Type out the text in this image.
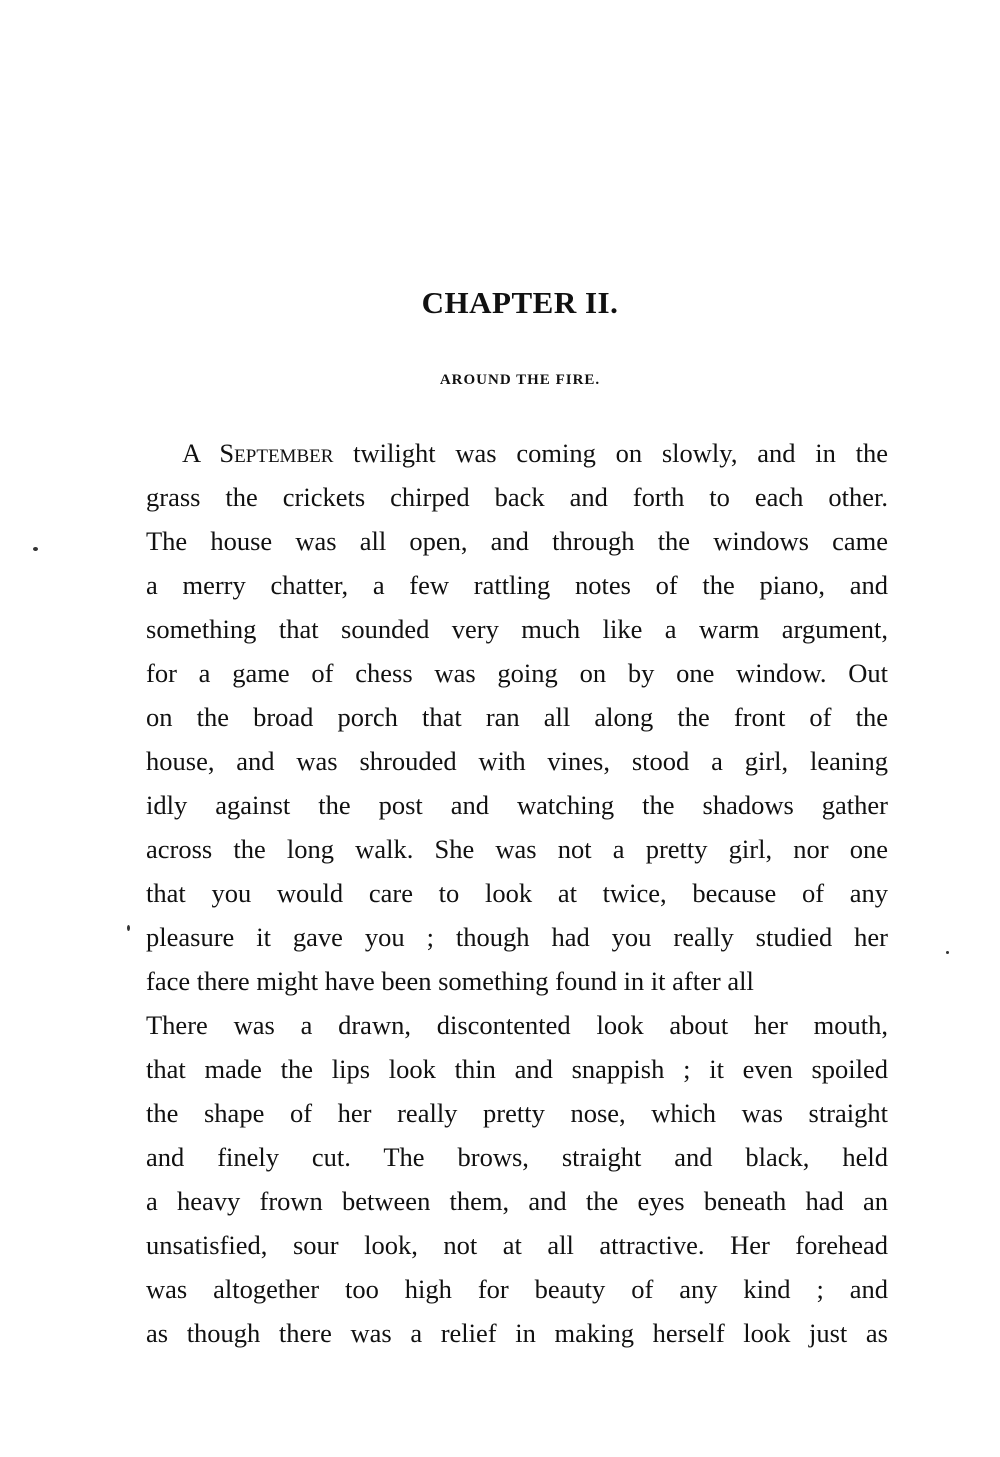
CHAPTER II.
AROUND THE FIRE.
A September twilight was coming on slowly, and in the
grass the crickets chirped back and forth to each other.
The house was all open, and through the windows came
a merry chatter, a few rattling notes of the piano, and
something that sounded very much like a warm argument,
for a game of chess was going on by one window. Out
on the broad porch that ran all along the front of the
house, and was shrouded with vines, stood a girl, leaning
idly against the post and watching the shadows gather
across the long walk. She was not a pretty girl, nor one
that you would care to look at twice, because of any
pleasure it gave you ; though had you really studied her
face there might have been something found in it after all
There was a drawn, discontented look about her mouth,
that made the lips look thin and snappish ; it even spoiled
the shape of her really pretty nose, which was straight
and finely cut. The brows, straight and black, held
a heavy frown between them, and the eyes beneath had an
unsatisfied, sour look, not at all attractive. Her forehead
was altogether too high for beauty of any kind ; and
as though there was a relief in making herself look just as
